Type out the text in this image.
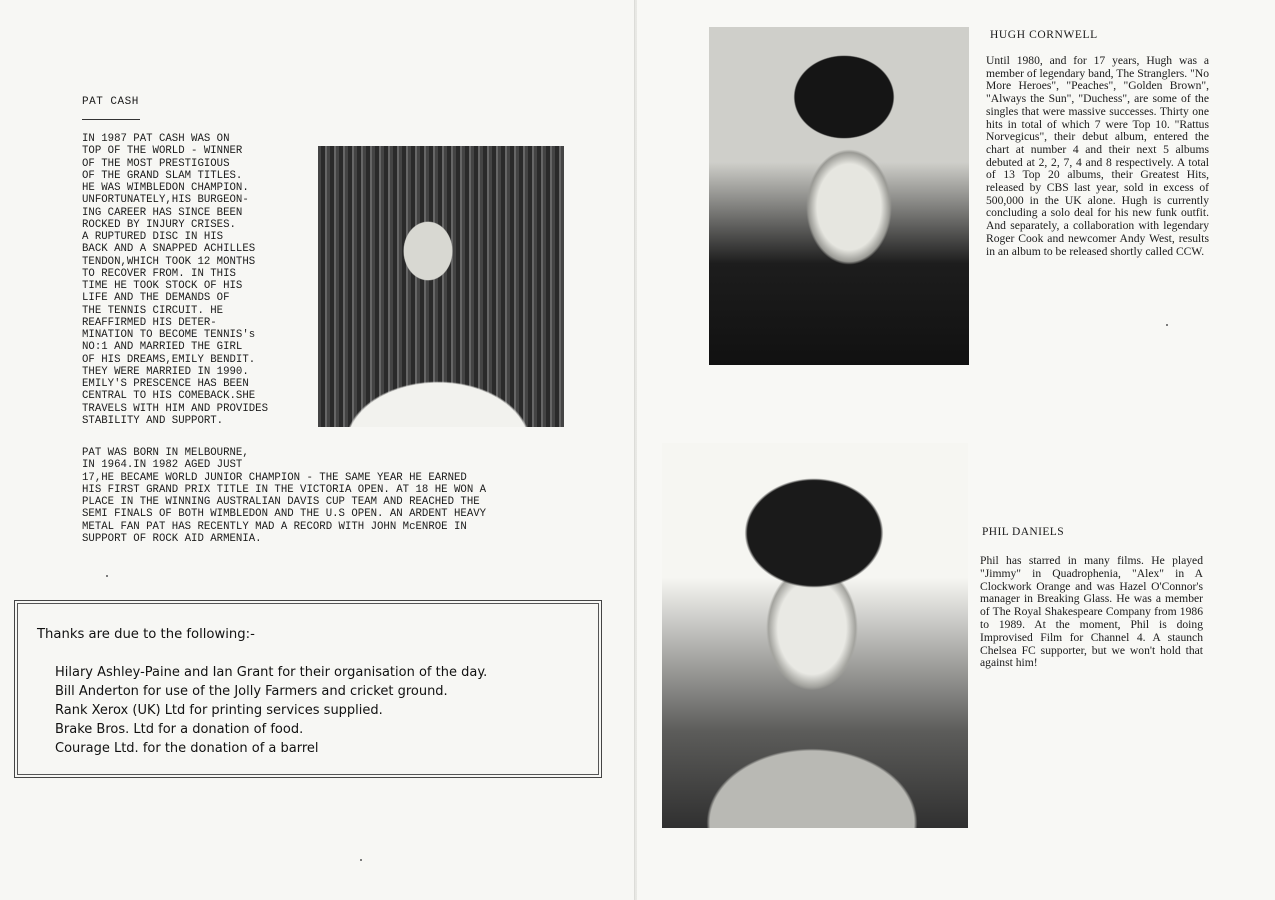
PAT CASH
IN 1987 PAT CASH WAS ON
TOP OF THE WORLD - WINNER
OF THE MOST PRESTIGIOUS
OF THE GRAND SLAM TITLES.
HE WAS WIMBLEDON CHAMPION.
UNFORTUNATELY,HIS BURGEON-
ING CAREER HAS SINCE BEEN
ROCKED BY INJURY CRISES.
A RUPTURED DISC IN HIS
BACK AND A SNAPPED ACHILLES
TENDON,WHICH TOOK 12 MONTHS
TO RECOVER FROM. IN THIS
TIME HE TOOK STOCK OF HIS
LIFE AND THE DEMANDS OF
THE TENNIS CIRCUIT. HE
REAFFIRMED HIS DETER-
MINATION TO BECOME TENNIS's
NO:1 AND MARRIED THE GIRL
OF HIS DREAMS,EMILY BENDIT.
THEY WERE MARRIED IN 1990.
EMILY'S PRESCENCE HAS BEEN
CENTRAL TO HIS COMEBACK.SHE
TRAVELS WITH HIM AND PROVIDES
STABILITY AND SUPPORT.
PAT WAS BORN IN MELBOURNE,
IN 1964.IN 1982 AGED JUST
17,HE BECAME WORLD JUNIOR CHAMPION - THE SAME YEAR HE EARNED
HIS FIRST GRAND PRIX TITLE IN THE VICTORIA OPEN. AT 18 HE WON A
PLACE IN THE WINNING AUSTRALIAN DAVIS CUP TEAM AND REACHED THE
SEMI FINALS OF BOTH WIMBLEDON AND THE U.S OPEN. AN ARDENT HEAVY
METAL FAN PAT HAS RECENTLY MAD A RECORD WITH JOHN McENROE IN
SUPPORT OF ROCK AID ARMENIA.
Thanks are due to the following:-
Hilary Ashley-Paine and Ian Grant for their organisation of the day.
Bill Anderton for use of the Jolly Farmers and cricket ground.
Rank Xerox (UK) Ltd for printing services supplied.
Brake Bros. Ltd for a donation of food.
Courage Ltd. for the donation of a barrel
HUGH CORNWELL
Until 1980, and for 17 years, Hugh was a member of legendary band, The Stranglers. "No More Heroes", "Peaches", "Golden Brown", "Always the Sun", "Duchess", are some of the singles that were massive successes. Thirty one hits in total of which 7 were Top 10. "Rattus Norvegicus", their debut album, entered the chart at number 4 and their next 5 albums debuted at 2, 2, 7, 4 and 8 respectively. A total of 13 Top 20 albums, their Greatest Hits, released by CBS last year, sold in excess of 500,000 in the UK alone. Hugh is currently concluding a solo deal for his new funk outfit. And separately, a collaboration with legendary Roger Cook and newcomer Andy West, results in an album to be released shortly called CCW.
PHIL DANIELS
Phil has starred in many films. He played "Jimmy" in Quadrophenia, "Alex" in A Clockwork Orange and was Hazel O'Connor's manager in Breaking Glass. He was a member of The Royal Shakespeare Company from 1986 to 1989. At the moment, Phil is doing Improvised Film for Channel 4. A staunch Chelsea FC supporter, but we won't hold that against him!
